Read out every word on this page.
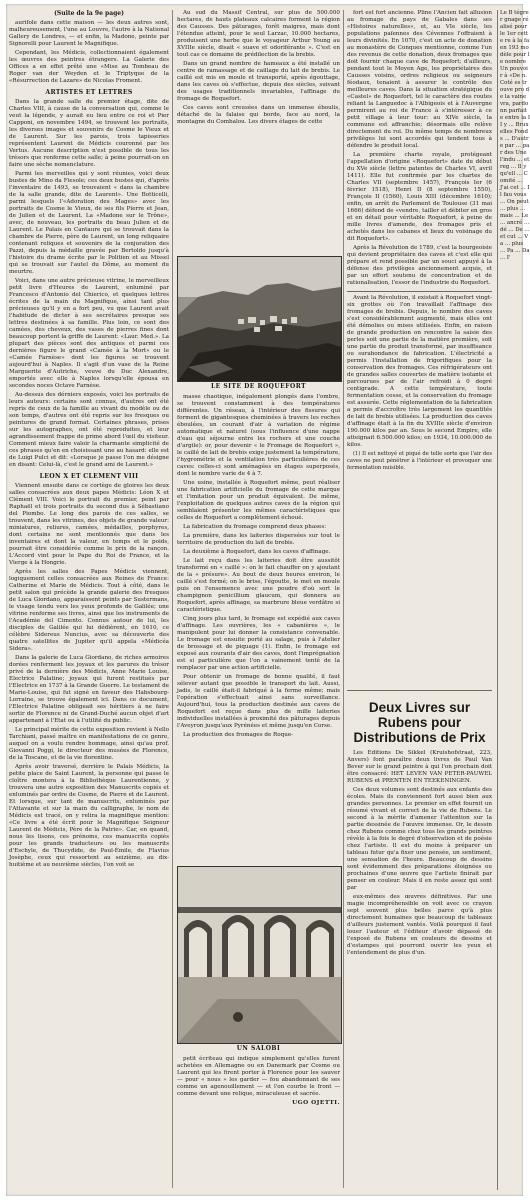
(Suite de la 9e page)

aurifole dans cette maison — les deux autres sont, malheureusement, l'une au Louvre, l'autre à la National Gallery de Londres, — et enfin, la Madone, peinte par Signorelli pour Laurent le Magnifique.

Cependant, les Médicis, collectionnaient également les œuvres des peintres étrangers. La Galerie des Offices a en effet prêté une «Mise au Tombeau de Roger van der Weyden et le Triptyque de la «Résurrection de Lazare» de Nicolas Froment.

ARTISTES ET LETTRES

Dans la grande salle du premier étage, dite de Charles VIII, à cause de la conversation qui, comme le veut la légende, y aurait eu lieu entre ce roi et Pier Capponi, en novembre 1494, se trouvent les portraits, les diverses images et souvenirs de Cosme le Vieux et de Laurent. Sur les parois, trois tapisseries représentent Laurent de Médicis couronné par les Vertus. Aucune description n'est possible de tous les trésors que renferme cette salle; à peine pourrait-on en faire une sèche nomenclature.

Parmi les merveilles qui y sont réunies, voici deux bustes de Mino da Fiesole; ces deux bustes qui, d'après l'inventaire de 1493, se trouvaient « dans la chambre de la salle grande, dite de Laurent». Une Botticelli, parmi lesquels l'«Adoration des Mages» avec les portraits de Cosme le Vieux, de ses fils Pierre et Jean, de Julien et de Laurent. La «Madone sur le Trône», avec, de nouveau, les portraits du beau Julien et de Laurent. Le Palais en Cantaure qui se trouvait dans la chambre de Pierre, père de Laurent, un long reliquaire contenant reliques et souvenirs de la conjuration des Pazzi, depuis la médaille gravée par Bertoldo jusqu'à l'histoire du drame écrite par le Politien et au Missel qui se trouvait sur l'autel du Dôme, au moment du meurtre.

Voici, dans une autre précieuse vitrine, le merveilleux petit livre d'Heures de Laurent, enluminé par Francesco d'Antonio del Chierico, et quelques lettres écrites de la main du Magnifique, ainsi tant plus précieuses qu'il y en a fort peu, vu que Laurent avait l'habitude de dicter à ses secrétaires presque ses lettres destinées à sa famille. Plus loin, ce sont des camées, des cheveux, des vases de pierres fines dont beaucoup portent la griffe de Laurent: «Laur. Med.». La plupart des pièces sont des antiques et parmi ces dernières figure le grand «Camée à la Mort» ou le «Camée Farnèse» dont les figures se trouvent aujourd'hui à Naples. Il s'agit d'un vase de la Reine Marguerite d'Autriche, veuve du Duc Alexandre, emportés avec elle à Naples lorsqu'elle épousa en secondes noces Octave Farnèse.

Au-dessus des dérniers exposés, voici les portraits de leurs auteurs: certains sont connus, d'autres ont été repris de ceux de la famille au vivant du modèle ou de son temps, d'autres ont été repris sur les fresques ou peintures de grand format. Certaines phrases, prises sur les autographes, ont été reproduites, et leur agrandissement frappe de prime abord l'œil du visiteur. Comment mieux faire valoir la charmante simplicité de ces phrases qu'en en choisissant une au hasard: elle est de Luigi Pulci et dit: «Lorsque je passe l'on me désigne en disant: Celui-là, c'est le grand ami de Laurent.»

LEON X ET CLEMENT VIII

Viennent ensuite dans ce cortège de gloires les deux salles consacrées aux deux papes Médicis: Léon X et Clément VIII. Voici le portrait du premier, peint par Raphaël et trois portraits du second dus à Sébastiano del Piombo. Le long des parois de ces salles, se trouvent, dans les vitrines, des objets de grande valeur: miniatures, reliures, camées, médailles, porphyres, dont certains ne sont mentionnés que dans les inventaires et dont la valeur, en temps et le poids, pourrait être considérée comme le prix de la rançon. L'Accord vint pour le Pape du Roi de France, et la Vierge à la Hongrie.

Après les salles des Papes Médicis viennent, logiquement celles consacrées aux Reines de France: Catherine et Marie de Médicis. Tout à côté, dans le petit salon qui précède la grande galerie des fresques de Luca Giordano, apparaissent peints par Sustermans, le visage tendu vers les yeux profonds de Galilée; une vitrine renferme ses livres, ainsi que les instruments de l'Académie del Cimento. Connus autour de lui, les disciples de Galilée qui lui dédièrent, en 1610, ce célèbre Sidereus Nuncius, avec sa découverte des quatre satellites de Jupiter qu'il appela «Médicéa Sidera».

Dans la galerie de Luca Giordano, de riches armoires dorées renferment les joyaux et les parures du trésor privé de la dernière des Médicis, Anne Marie Louise, Electrice Palatine; joyaux qui furent restitués par l'Electrice en 1737 à la Grande Guerre. Le testament de Marie-Louise, qui fut signé en faveur des Habsbourg-Lorraine, se trouve également ici. Dans ce document, l'Electrice Palatine obligeait ses héritiers à ne faire sortir de Florence ni de Grand-Duché aucun objet d'art appartenant à l'Etat ou à l'utilité du public.

Le principal mérite de cette exposition revient à Nello Tarchiani, passé maître en manifestations de ce genre, auquel on a voulu rendre hommage, ainsi qu'au prof. Giovanni Poggi, le directeur des musées de Florence, de la Toscane, et de la vie florentine.

Après avoir traversé, derrière le Palais Médicis, la petite place de Saint Laurent, la personne qui passe le cloître montera à la Bibliothèque Laurentienne, y trouvera une autre exposition des Manuscrits copiés et enluminés par ordre de Cosme, de Pierre et de Laurent. Et lorsque, sur tant de manuscrits, enluminés par l'Attavante et sur la main du calligraphe, le nom de Médicis est tracé, on y relira la magnifique mention: «Ce livre a été écrit pour le Magnifique Seigneur Laurent de Médicis, Père de la Patrie». Car, en quand, nous les lisons, ces prénoms, ces manuscrits copiés pour les grands traducteurs ou les manuscrits d'Eschyle, de Thucydide, de Paul-Émile, de Flavius Josèphe, ceux qui ressortent au seizième, au dix-huitième et au neuvième siècles, l'on voit se

Au sud du Massif Central, sur plus de 500.000 hectares, de hauts plateaux calcaires forment la région des Causses. Des pâturages, forêt maigres, mais dont l'étendue atteint, pour le seul Larzac, 10.000 hectares, produisent une herbe que le voyageur Arthur Young au XVIIIe siècle, disait « suave et odoriférante ». C'est en tout cas ce domaine de prédilection de la brebis.

Dans un grand nombre de hameaux a été installé un centre de ramassage et de caillage du lait de brebis. Le caillé est mis en moule et transporté, après égouttage, dans les caves où s'effectue, depuis des siècles, suivant des usages traditionnels invariables, l'affinage du fromage de Roquefort.

Ces caves sont creusées dans un immense éboulis, détaché de la falaise qui borde, face au nord, la montagne du Combalou. Les divers étages de cette

LE SITE DE ROQUEFORT

masse chaotique, inégalement plongés dans l'ombre, se trouvent constamment à des températures différentes. Un réseau, à l'intérieur des fissures qui forment de gigantesques cheminées à travers les roches éboulées, un courant d'air à variation de régime automatique et naturel (sous l'influence d'une nappe d'eau qui séjourne entre les rochers et une couche d'argile): or, pour devenir « le Fromage de Roquefort », le caillé de lait de brebis exige justement la température, l'hygrométrie et la ventilation très particulières de ces caves: celles-ci sont aménagées en étages superposés, dont le nombre varie de 4 à 7.

Une usine, installée à Roquefort même, peut réaliser une fabrication artificielle du fromage de cette marque et l'imitation pour un produit équivalent. De même, l'exploitation de quelques autres caves de la région qui semblaient présenter les mêmes caractéristiques que celles de Roquefort a complètement échoué.

La fabrication du fromage comprend deux phases:

La première, dans les laiteries dispersées sur tout le territoire de production du lait de brebis.

La deuxième à Roquefort, dans les caves d'affinage.

Le lait reçu dans les laiteries doit être aussitôt transformé en « caillé »: on le fait chauffer on y ajoutant de la « présure». Au bout de deux heures environ, le caillé s'est formé; on le brise, l'égoutte, le met en moule puis on l'ensemence avec une poudre d'où sort le champignon penicillium glaucum, qui donnera au Roquefort, après affinage, sa marbrure bleue verdâtre si caractéristique.

Cinq jours plus tard, le fromage est expédié aux caves d'affinage. Les ouvrières, les « cabanières », le manipulent pour lui donner la consistance convenable. Le fromage est ensuite porté au salage, puis à l'atelier de brossage et de piquage (1). Enfin, le fromage est exposé aux courants d'air des caves, dont l'imprégnation est si particulière que l'on a vainement tenté de la remplacer par une action artificielle.

Pour obtenir un fromage de bonne qualité, il faut sélever autant que possible le transport du lait. Aussi, jadis, le caillé était-il fabriqué à la ferme même; mais l'opération s'effectuait ainsi sans surveillance. Aujourd'hui, tous la production destinée aux caves de Roquefort est reçue dans plus de mille laiteries individuelles installées à proximité des pâturages depuis l'Aveyron jusqu'aux Pyrénées et même jusqu'en Corse.

La production des fromages de Roque-

UN SALOBI

petit écriteau qui indique simplement qu'elles furent achetées en Allemagne ou en Danemark par Cosme ou Laurent qui les firent porter à Florence pour les sauver — pour « nous » les garder — fou abandonnant de ses comme un agenouillement — et l'on courbe le front — comme devant une relique, miraculeuse et sacrée.

UGO OJETTI.

fort est fort ancienne. Pline l'Ancien fait allusion au fromage du pays de Gabales dans ses «Histoires naturelles», et, au VIe siècle, les populations païennes des Cévennes l'offraient à leurs divinités. En 1070, c'est un acte de donation au monastère de Conques mentionne, comme l'un des revenus de cette donation, deux fromages que doit fournir chaque cave de Roquefort; d'ailleurs, pendant tout le Moyen Age, les propriétaires des Causses voisins, ordres religieux ou seigneurs féodaux, tenaient à assurer le contrôle des meilleures caves. Dans la situation stratégique du «Castel» de Roquefort, tel le caractère des routes reliant la Languedoc à l'Albigeois et à l'Auvergne permirent au roi de France à s'intéresser à ce petit village à leur tour: au XIVe siècle, la commune est affranchie; désormais elle relève directement du roi. Du même temps de nombreux privilèges lui sont accordés qui tendent tous à défendre le produit local.

La première charte royale, protégeant l'appellation d'origine «Roquefort» date du début du XVe siècle (lettre patentes de Charles VI, avril 1411). Elle fut confirmée par les chartes de Charles VII (septembre 1457), François Ier (6 février 1518), Henri II (8 septembre 1550), François II (1560), Louis XIII (décembre 1610); enfin, un arrêt du Parlement de Toulouse (31 mai 1666) défend de «vendre, tailler et débiter en gros et en détail pour véritable Roquefort, à peine de mille livres d'amende, des fromages pris et achetés dans les cabanes et lieux du voisinage du dit Roquefort».

Après la Révolution de 1789, c'est la bourgeoisie qui devient propriétaire des caves et c'est elle qui prépare et rend possible par un souci appuyé à la défense des privilèges anciennement acquis, et par un effort soutenu de concentration et de rationalisation, l'essor de l'industrie du Roquefort.

Avant la Révolution, il existait à Roquefort vingt-six grottes où l'on travaillait l'affinage des fromages de brebis. Depuis, le nombre des caves s'est considérablement augmenté, mais elles ont été démolies ou mises utilisées. Enfin, en raison de grande production on rencontre la saisie des perles soit une partie de la matière première, soit une partie du produit transformé, par insuffisance ou surabondance de fabrication. L'électricité a permis l'installation de frigorifiques pour la conservation des fromages. Ces réfrigérateurs ont de grandes salles couvertes de matière isolante et parcourues par de l'air refroidi à 0 degré centigrade. A cette température, toute fermentation cesse, et la conservation du fromage est assurée. Cette réglementation de la fabrication a permis d'accroître très largement les quantités de lait de brebis utilisées. La production des caves d'affinage était à la fin du XVIIIe siècle d'environ 190.000 kilos par an. Sous le second Empire, elle atteignait 6.500.000 kilos; en 1934, 10.000.000 de kilos.

(1) Il est nettoyé et piqué de telle sorte que l'air des caves ne peut pénétrer à l'intérieur et provoquer une fermentation nuisible.

Deux Livres sur Rubens pour Distributions de Prix

Les Editions De Sikkel (Kruishofstraat, 223, Anvers) font paraître deux livres de Paul Van Bever sur le grand peintre à qui l'on prochain doit être consacré: HET LEVEN VAN PETER-PAUWEL RUBENS et PRENTEN EN TEEKENINGEN.

Ces deux volumes sont destinés aux enfants des écoles. Mais ils conviennent fort aussi bien aux grandes personnes. Le premier en effet fournit un résumé vivant et correct de la vie de Rubens. Le second à la mérite d'amener l'attention sur la partie dessinée de l'œuvre immense. Or, le dessin chez Rubens comme chez tous les grands peintres révèle à la fois le degré d'observation et de poésie chez l'artiste. Il est du moins à préparer un tableau futur qu'a fixer une pensée, un sentiment, une sensation de l'heure. Beaucoup de dessins sont évidemment des préparations éloignées ou prochaines d'une œuvre que l'artiste finirait par penser en couleur. Mais il en reste assez qui sont par

eux-mêmes des œuvres définitives. Par une magie incompréhensible on voit avec ce crayon sept souvent plus belles parce qu'à plus directement humaines que beaucoup de tableaux d'ailleurs justement vantés. Voilà pourquoi il faut louer l'auteur et l'éditeur d'avoir dépassé de l'exposé de Rubens en couleurs de dessins et d'estampes qui pourront ouvrir les yeux et l'entendement de plus d'un.

Le B tégrer gnage réalisé pour le 1er cette re à la fa en 193 modèle pour le nombre Un pouvoir à «De n. Coté es trouve pro de la vaine vra, pardonn parfaite entre la II y ... Bruxelles Fonds ... D'autre par ... par des Une l'indu ... et reg ... Il y qu'ell ... Comité ... J'ai cet ... Il fau vous ... On peut ... plus ... mais ... Le ... ancré ... dé ... De ... et cut ... Va ... plus ... Pa ... Da ... I'
